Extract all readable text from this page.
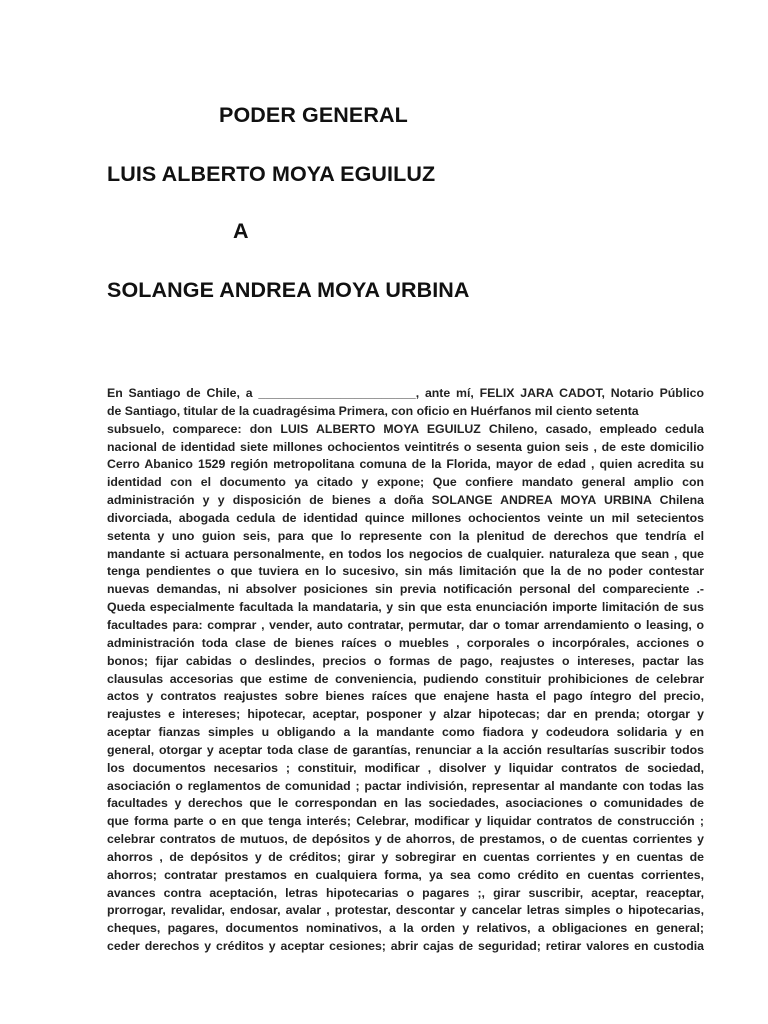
PODER GENERAL
LUIS ALBERTO MOYA EGUILUZ
A
SOLANGE ANDREA MOYA URBINA
En Santiago de Chile, a _______________________, ante mí, FELIX JARA CADOT, Notario Público
de Santiago, titular de la cuadragésima Primera, con oficio en Huérfanos mil ciento setenta
subsuelo, comparece: don LUIS ALBERTO MOYA EGUILUZ Chileno, casado, empleado cedula
nacional de identidad siete millones ochocientos veintitrés o sesenta guion seis , de este domicilio
Cerro Abanico 1529 región metropolitana comuna de la Florida, mayor de edad , quien acredita su
identidad con el documento ya citado y expone; Que confiere mandato general amplio con
administración y y disposición de bienes a doña SOLANGE ANDREA MOYA URBINA Chilena
divorciada, abogada cedula de identidad quince millones ochocientos veinte un mil setecientos
setenta y uno guion seis, para que lo represente con la plenitud de derechos que tendría el
mandante si actuara personalmente, en todos los negocios de cualquier. naturaleza que sean , que
tenga pendientes o que tuviera en lo sucesivo, sin más limitación que la de no poder contestar
nuevas demandas, ni absolver posiciones sin previa notificación personal del compareciente .-
Queda especialmente facultada la mandataria, y sin que esta enunciación importe limitación de sus
facultades para: comprar , vender, auto contratar, permutar, dar o tomar arrendamiento o leasing, o
administración toda clase de bienes raíces o muebles , corporales o incorpórales, acciones o
bonos; fijar cabidas o deslindes, precios o formas de pago, reajustes o intereses, pactar las
clausulas accesorias que estime de conveniencia, pudiendo constituir prohibiciones de celebrar
actos y contratos reajustes sobre bienes raíces que enajene hasta el pago íntegro del precio,
reajustes e intereses; hipotecar, aceptar, posponer y alzar hipotecas; dar en prenda; otorgar y
aceptar fianzas simples u obligando a la mandante como fiadora y codeudora solidaria y en
general, otorgar y aceptar toda clase de garantías, renunciar a la acción resultarías suscribir todos
los documentos necesarios ; constituir, modificar , disolver y liquidar contratos de sociedad,
asociación o reglamentos de comunidad ; pactar indivisión, representar al mandante con todas las
facultades y derechos que le correspondan en las sociedades, asociaciones o comunidades de
que forma parte o en que tenga interés; Celebrar, modificar y liquidar contratos de construcción ;
celebrar contratos de mutuos, de depósitos y de ahorros, de prestamos, o de cuentas corrientes y
ahorros , de depósitos y de créditos; girar y sobregirar en cuentas corrientes y en cuentas de
ahorros; contratar prestamos en cualquiera forma, ya sea como crédito en cuentas corrientes,
avances contra aceptación, letras hipotecarias o pagares ;, girar suscribir, aceptar, reaceptar,
prorrogar, revalidar, endosar, avalar , protestar, descontar y cancelar letras simples o hipotecarias,
cheques, pagares, documentos nominativos, a la orden y relativos, a obligaciones en general;
ceder derechos y créditos y aceptar cesiones; abrir cajas de seguridad; retirar valores en custodia
